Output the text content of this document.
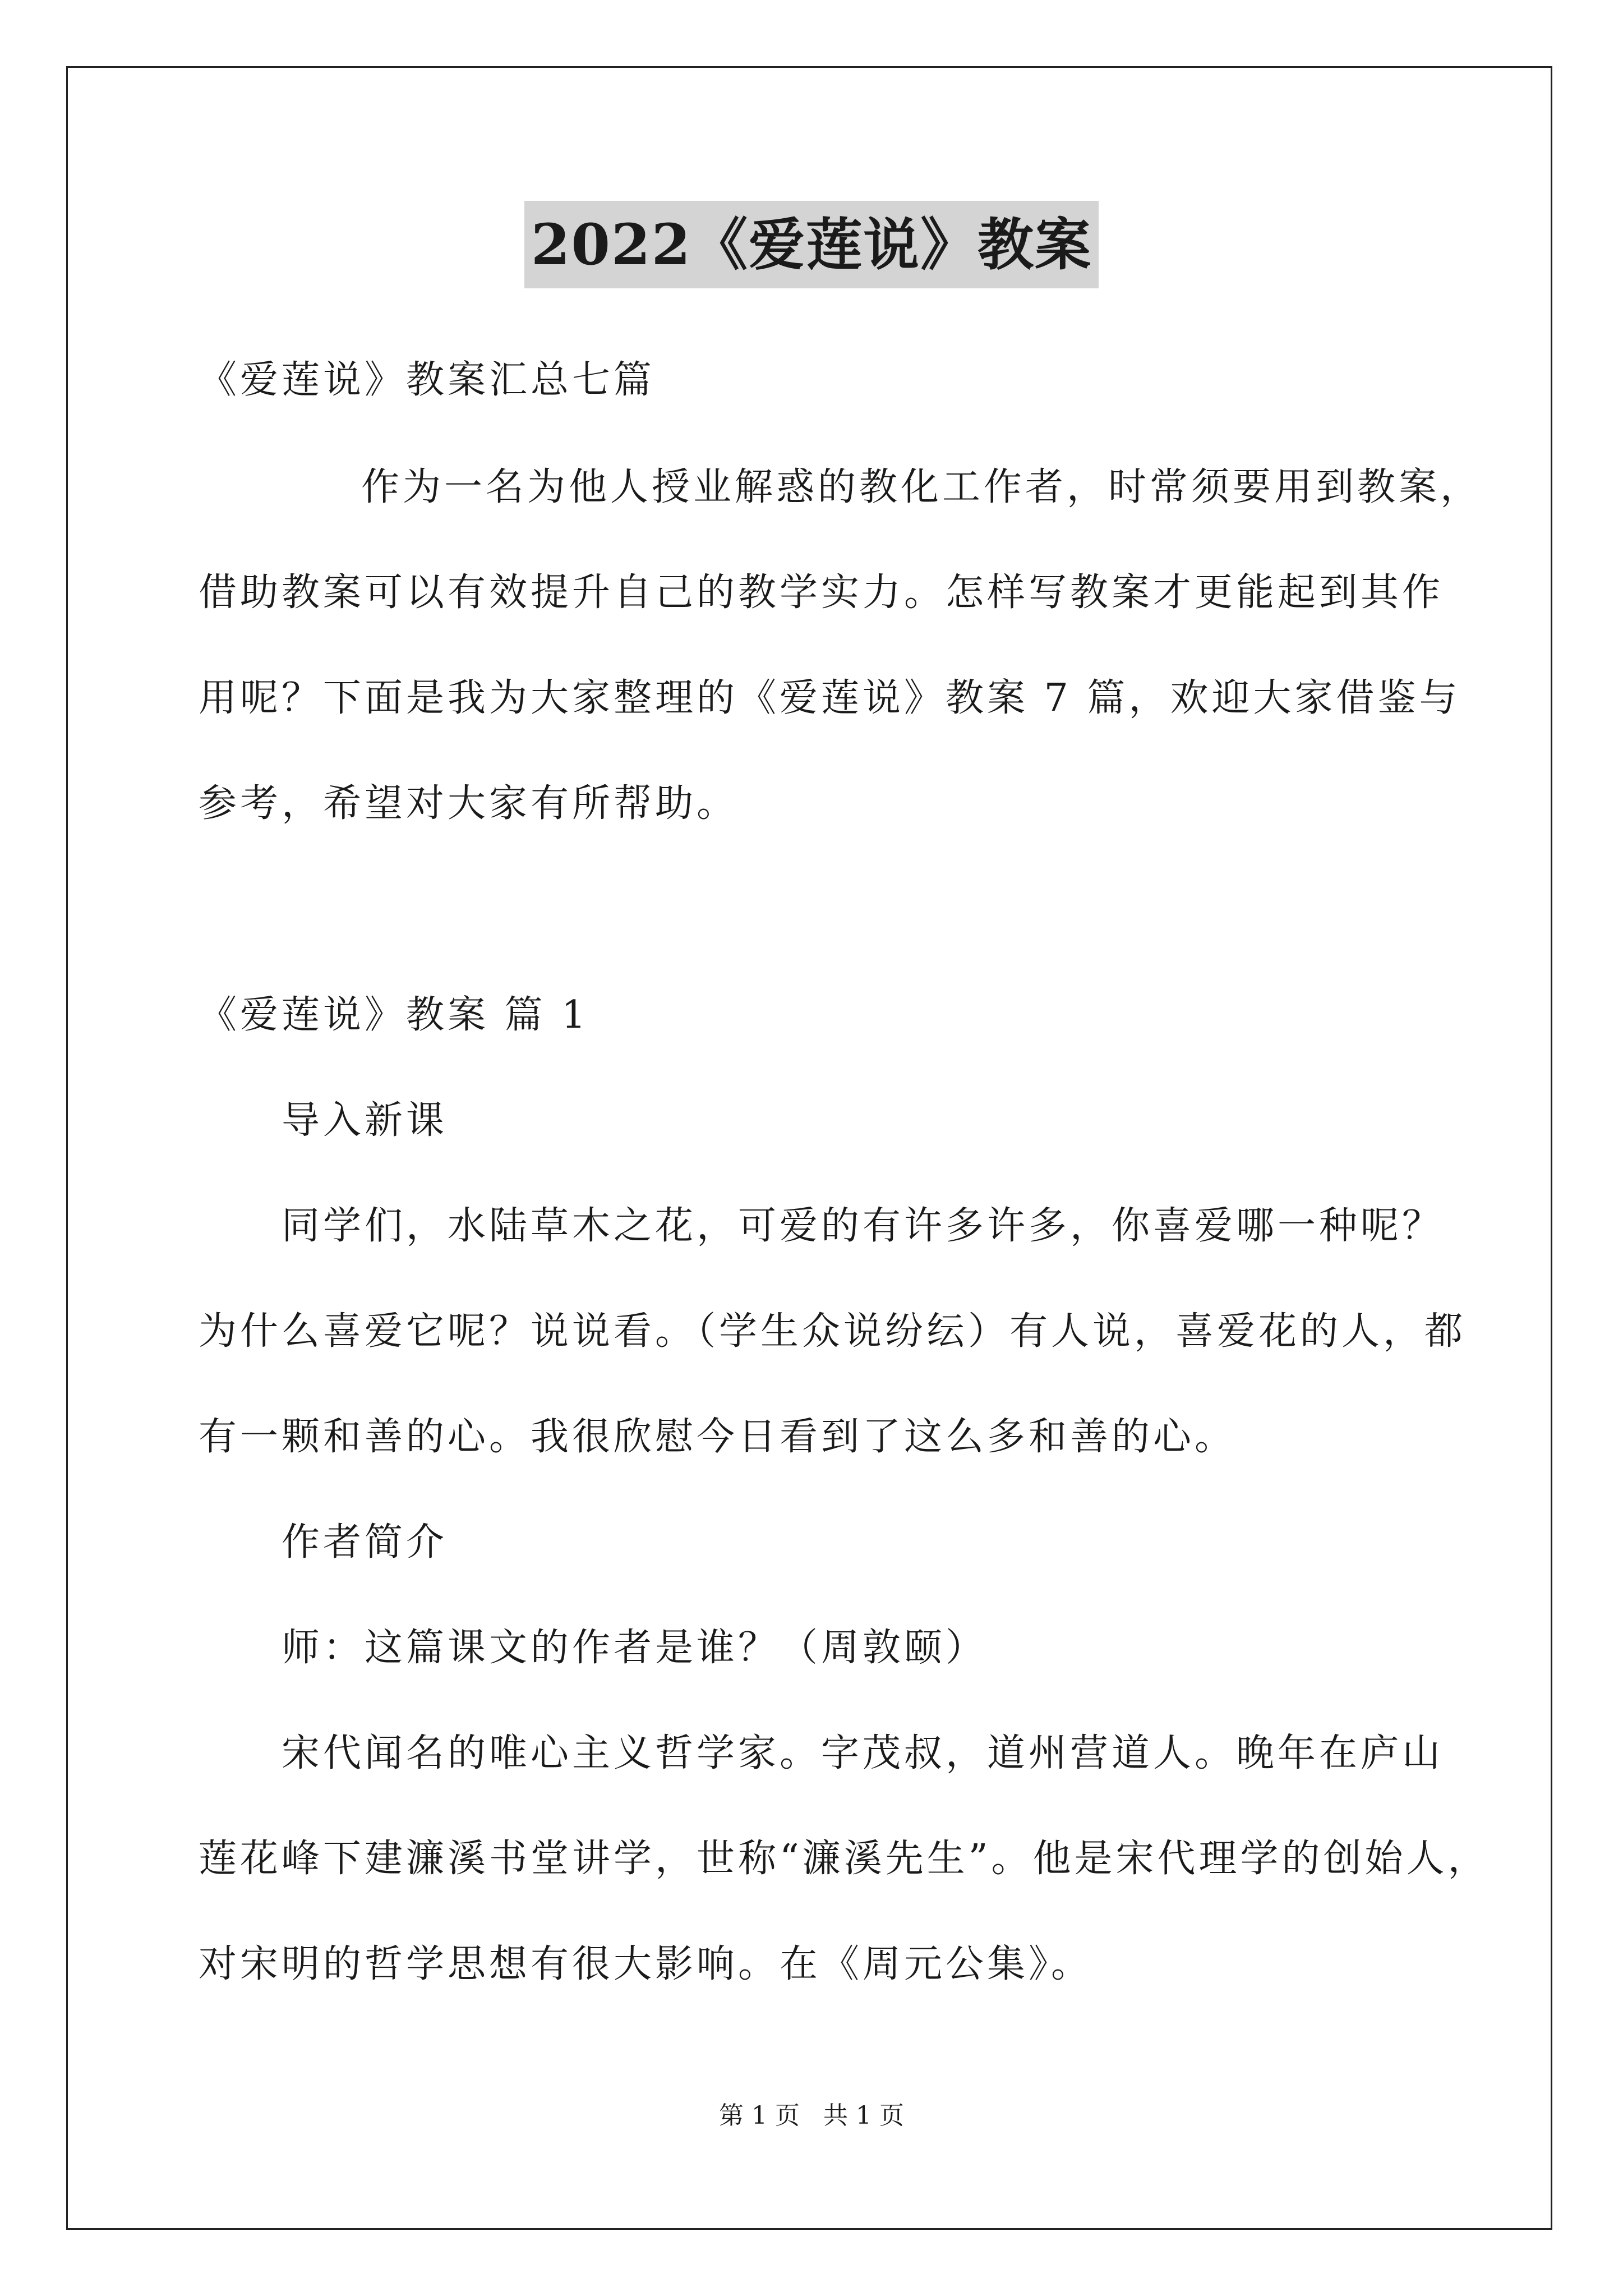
2022《爱莲说》教案
《爱莲说》教案汇总七篇
作为一名为他人授业解惑的教化工作者，时常须要用到教案，
借助教案可以有效提升自己的教学实力。怎样写教案才更能起到其作
用呢？下面是我为大家整理的《爱莲说》教案 7 篇，欢迎大家借鉴与
参考，希望对大家有所帮助。
《爱莲说》教案 篇 1
导入新课
同学们，水陆草木之花，可爱的有许多许多，你喜爱哪一种呢？
为什么喜爱它呢？说说看。（学生众说纷纭）有人说，喜爱花的人，都
有一颗和善的心。我很欣慰今日看到了这么多和善的心。
作者简介
师：这篇课文的作者是谁？（周敦颐）
宋代闻名的唯心主义哲学家。字茂叔，道州营道人。晚年在庐山
莲花峰下建濂溪书堂讲学，世称“濂溪先生”。他是宋代理学的创始人，
对宋明的哲学思想有很大影响。在《周元公集》。
第 1 页 共 1 页
